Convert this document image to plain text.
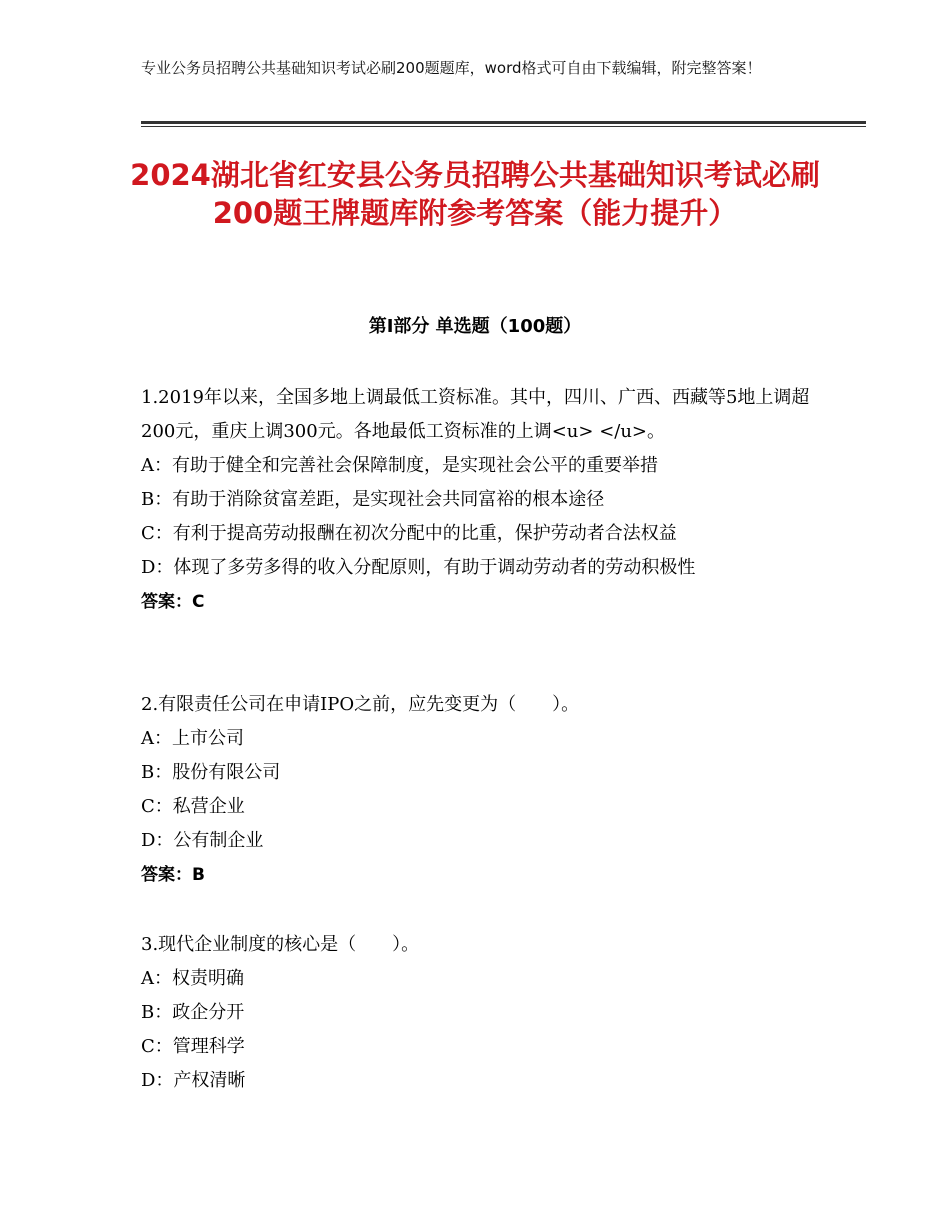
专业公务员招聘公共基础知识考试必刷200题题库，word格式可自由下载编辑，附完整答案！
2024湖北省红安县公务员招聘公共基础知识考试必刷200题王牌题库附参考答案（能力提升）
第Ⅰ部分 单选题（100题）

1.2019年以来，全国多地上调最低工资标准。其中，四川、广西、西藏等5地上调超200元，重庆上调300元。各地最低工资标准的上调<u> </u>。

A：有助于健全和完善社会保障制度，是实现社会公平的重要举措
B：有助于消除贫富差距，是实现社会共同富裕的根本途径
C：有利于提高劳动报酬在初次分配中的比重，保护劳动者合法权益
D：体现了多劳多得的收入分配原则，有助于调动劳动者的劳动积极性
答案：C

2.有限责任公司在申请IPO之前，应先变更为（　　）。

A：上市公司
B：股份有限公司
C：私营企业
D：公有制企业
答案：B

3.现代企业制度的核心是（　　）。

A：权责明确
B：政企分开
C：管理科学
D：产权清晰
